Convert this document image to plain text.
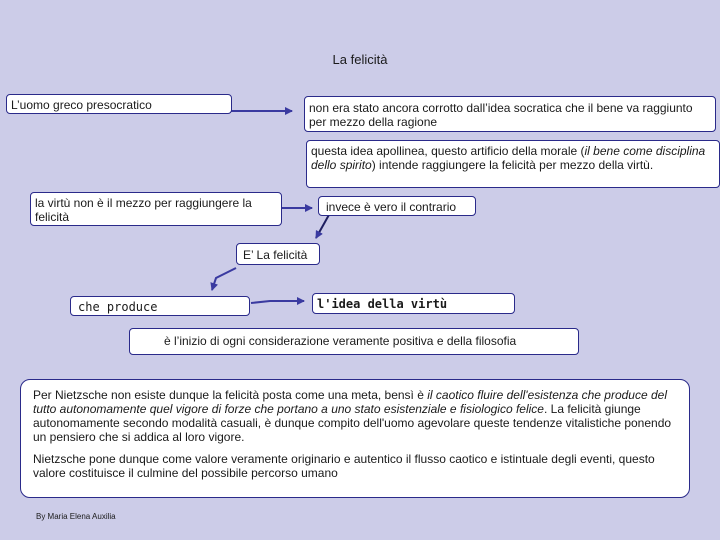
La felicità
L’uomo greco presocratico	non era stato ancora corrotto dall’idea socratica che il bene va raggiunto per mezzo della ragione
questa idea apollinea, questo artificio della morale (il bene come disciplina dello spirito) intende raggiungere la felicità per mezzo della virtù.
la virtù non è il mezzo per raggiungere la felicità
invece è vero il contrario
E’ La felicità
che produce	l'idea della virtù
è l’inizio di ogni considerazione veramente positiva e della filosofia

Per Nietzsche non esiste dunque la felicità posta come una meta, bensì è il caotico fluire dell'esistenza che produce del tutto autonomamente quel vigore di forze che portano a uno stato esistenziale e fisiologico felice. La felicità giunge autonomamente secondo modalità casuali, è dunque compito dell'uomo agevolare queste tendenze vitalistiche ponendo un pensiero che si addica al loro vigore.

Nietzsche pone dunque come valore veramente originario e autentico il flusso caotico e istintuale degli eventi, questo valore costituisce il culmine del possibile percorso umano

By Maria Elena Auxilia
